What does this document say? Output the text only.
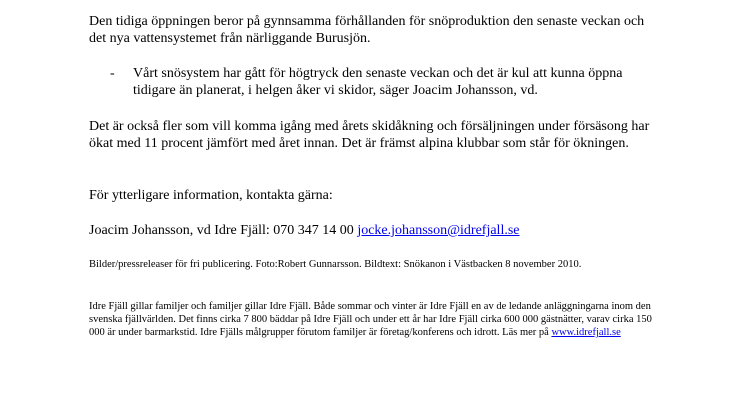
Den tidiga öppningen beror på gynnsamma förhållanden för snöproduktion den senaste veckan och det nya vattensystemet från närliggande Burusjön.

- Vårt snösystem har gått för högtryck den senaste veckan och det är kul att kunna öppna tidigare än planerat, i helgen åker vi skidor, säger Joacim Johansson, vd.

Det är också fler som vill komma igång med årets skidåkning och försäljningen under försäsong har ökat med 11 procent jämfört med året innan. Det är främst alpina klubbar som står för ökningen.

För ytterligare information, kontakta gärna:

Joacim Johansson, vd Idre Fjäll: 070 347 14 00 jocke.johansson@idrefjall.se

Bilder/pressreleaser för fri publicering. Foto:Robert Gunnarsson. Bildtext: Snökanon i Västbacken 8 november 2010.

Idre Fjäll gillar familjer och familjer gillar Idre Fjäll. Både sommar och vinter är Idre Fjäll en av de ledande anläggningarna inom den svenska fjällvärlden. Det finns cirka 7 800 bäddar på Idre Fjäll och under ett år har Idre Fjäll cirka 600 000 gästnätter, varav cirka 150 000 är under barmarkstid. Idre Fjälls målgrupper förutom familjer är företag/konferens och idrott. Läs mer på www.idrefjall.se
